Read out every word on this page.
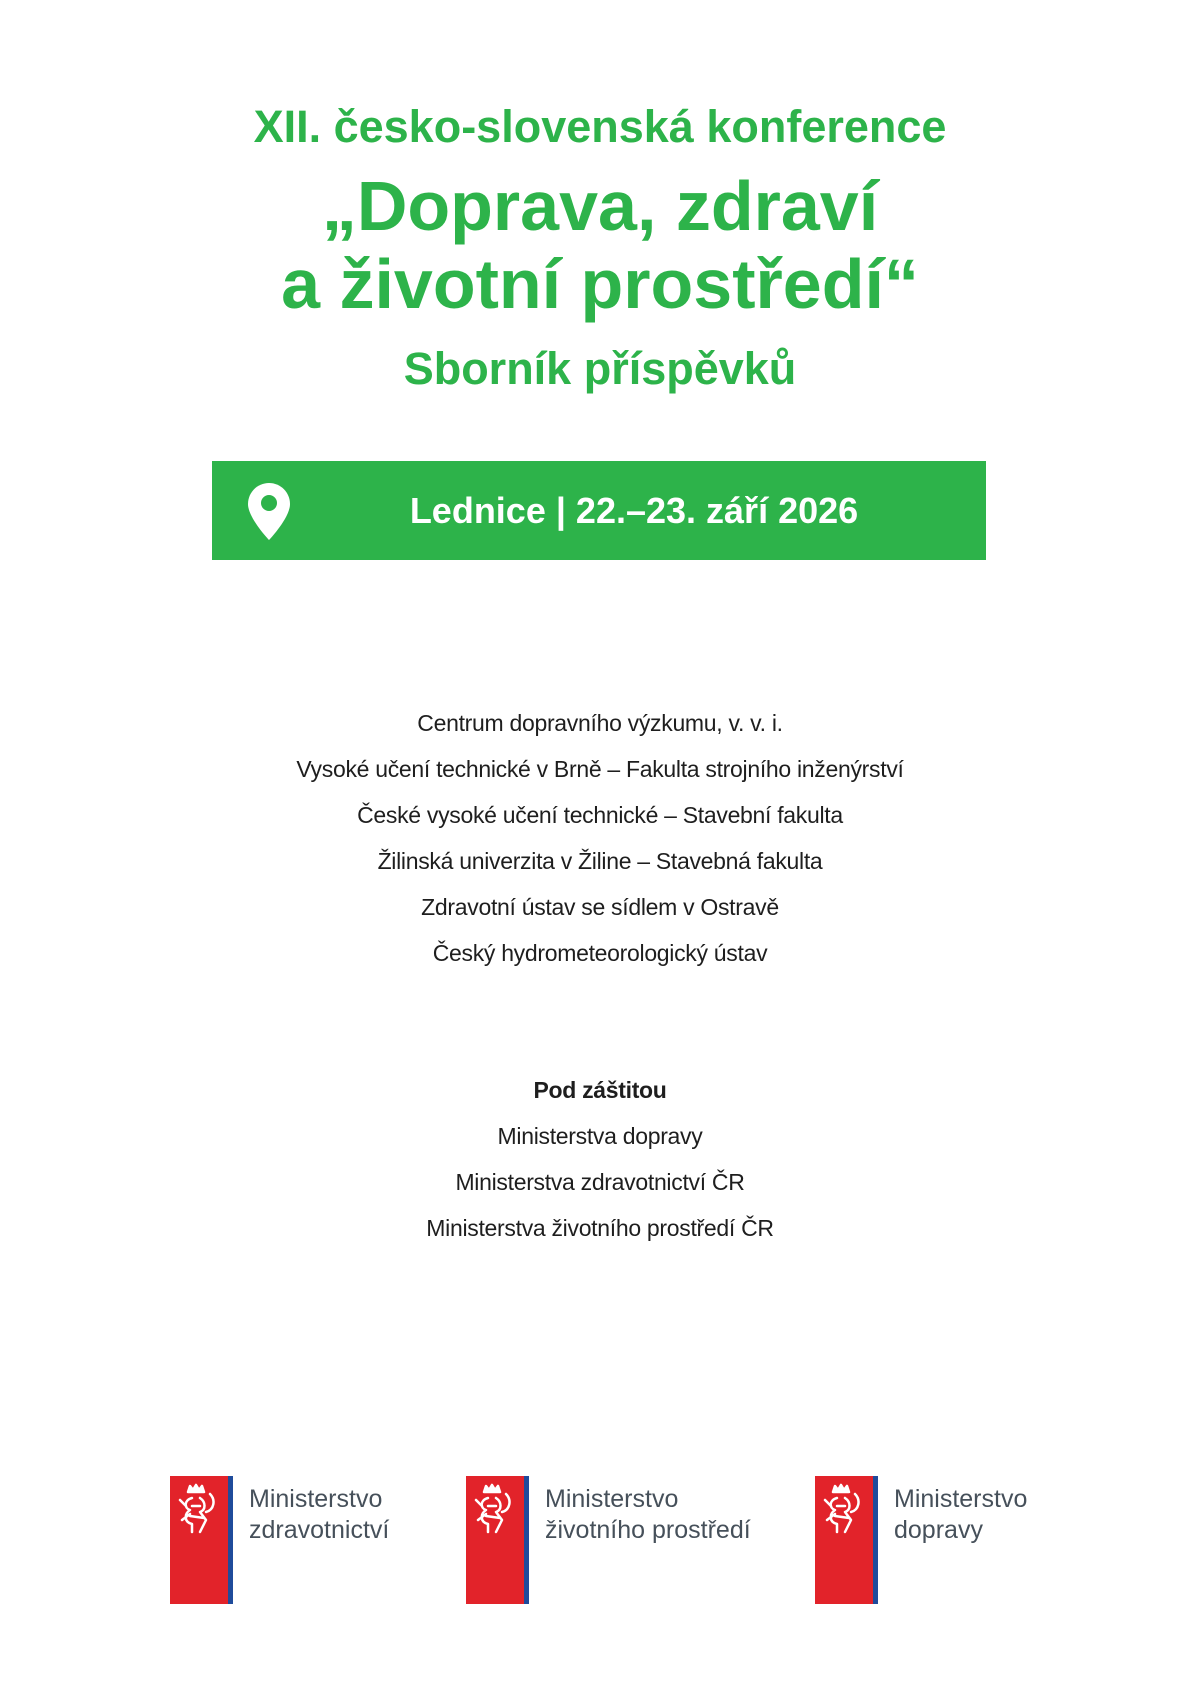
XII. česko-slovenská konference
„Doprava, zdraví
a životní prostředí“
Sborník příspěvků
Lednice | 22.–23. září 2026
Centrum dopravního výzkumu, v. v. i.
Vysoké učení technické v Brně – Fakulta strojního inženýrství
České vysoké učení technické – Stavební fakulta
Žilinská univerzita v Žiline – Stavebná fakulta
Zdravotní ústav se sídlem v Ostravě
Český hydrometeorologický ústav
Pod záštitou
Ministerstva dopravy
Ministerstva zdravotnictví ČR
Ministerstva životního prostředí ČR
Ministerstvo
zdravotnictví
Ministerstvo
životního prostředí
Ministerstvo
dopravy
